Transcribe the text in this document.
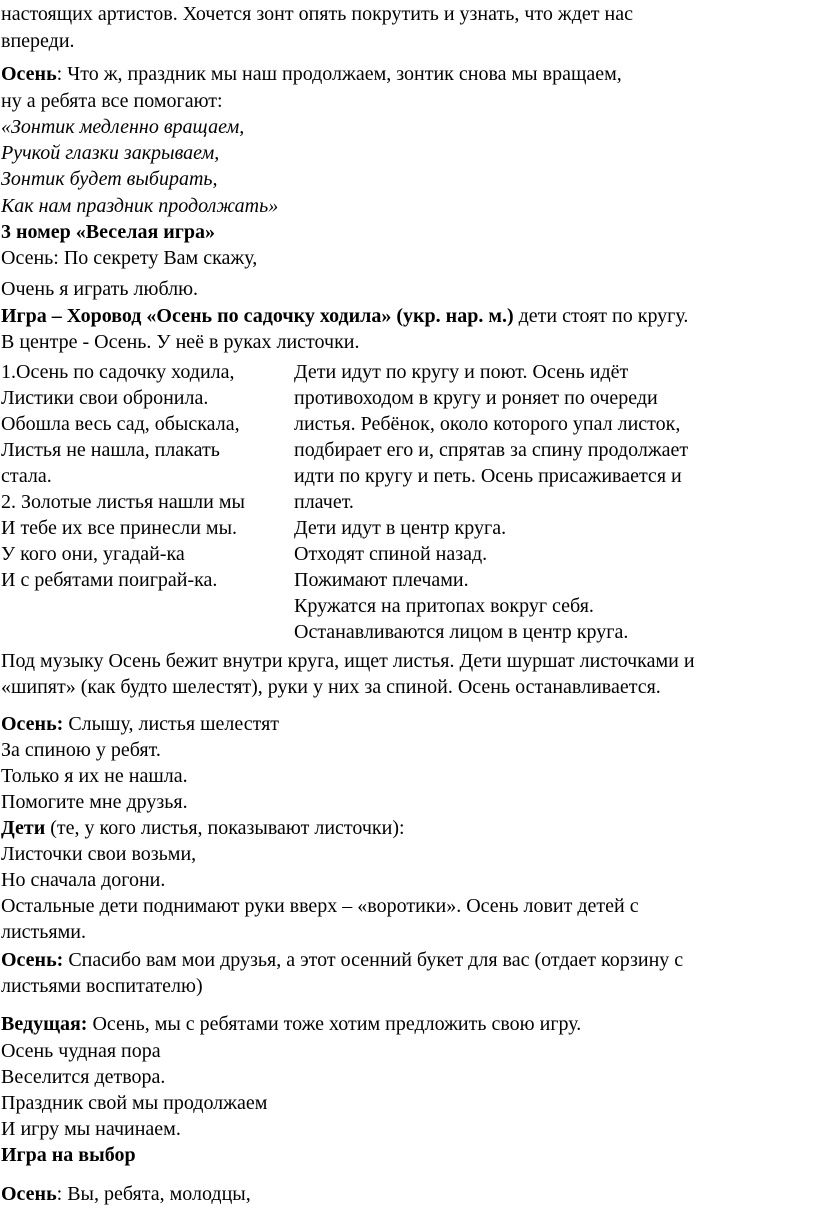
настоящих артистов. Хочется зонт опять покрутить и узнать, что ждет нас
впереди.
Осень: Что ж, праздник мы наш продолжаем, зонтик снова мы вращаем,
ну а ребята все помогают:
«Зонтик медленно вращаем,
Ручкой глазки закрываем,
Зонтик будет выбирать,
Как нам праздник продолжать»
3 номер «Веселая игра»
Осень: По секрету Вам скажу,
Очень я играть люблю.
Игра – Хоровод «Осень по садочку ходила» (укр. нар. м.) дети стоят по кругу.
В центре - Осень. У неё в руках листочки.
1.Осень по садочку ходила,
Листики свои обронила.
Обошла весь сад, обыскала,
Листья не нашла, плакать
стала.
2. Золотые листья нашли мы
И тебе их все принесли мы.
У кого они, угадай-ка
И с ребятами поиграй-ка.
Дети идут по кругу и поют. Осень идёт
противоходом в кругу и роняет по очереди
листья. Ребёнок, около которого упал листок,
подбирает его и, спрятав за спину продолжает
идти по кругу и петь. Осень присаживается и
плачет.
Дети идут в центр круга.
Отходят спиной назад.
Пожимают плечами.
Кружатся на притопах вокруг себя.
Останавливаются лицом в центр круга.
Под музыку Осень бежит внутри круга, ищет листья. Дети шуршат листочками и
«шипят» (как будто шелестят), руки у них за спиной. Осень останавливается.
Осень: Слышу, листья шелестят
За спиною у ребят.
Только я их не нашла.
Помогите мне друзья.
Дети (те, у кого листья, показывают листочки):
Листочки свои возьми,
Но сначала догони.
Остальные дети поднимают руки вверх – «воротики». Осень ловит детей с
листьями.
Осень: Спасибо вам мои друзья, а этот осенний букет для вас (отдает корзину с
листьями воспитателю)
Ведущая: Осень, мы с ребятами тоже хотим предложить свою игру.
Осень чудная пора
Веселится детвора.
Праздник свой мы продолжаем
И игру мы начинаем.
Игра на выбор
Осень: Вы, ребята, молодцы,
